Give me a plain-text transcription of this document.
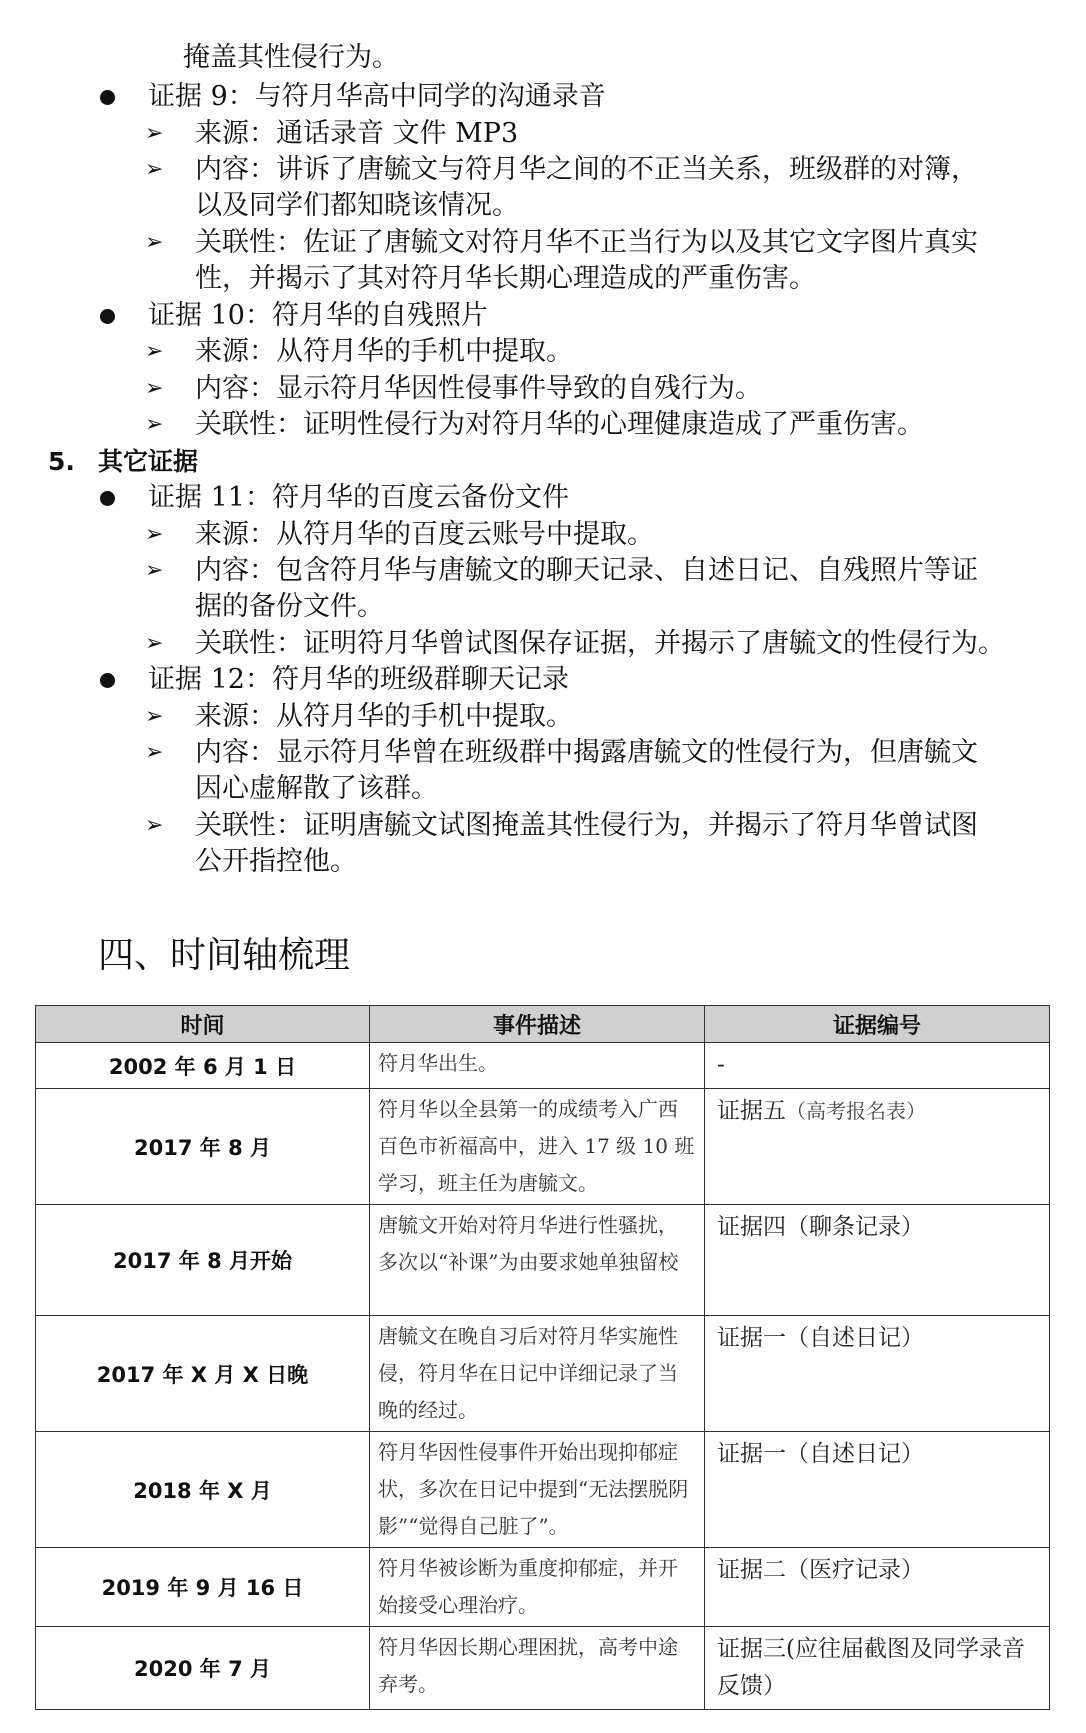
掩盖其性侵行为。
证据 9：与符月华高中同学的沟通录音
➢ 来源：通话录音 文件 MP3
➢ 内容：讲诉了唐毓文与符月华之间的不正当关系，班级群的对簿，
以及同学们都知晓该情况。
➢ 关联性：佐证了唐毓文对符月华不正当行为以及其它文字图片真实
性，并揭示了其对符月华长期心理造成的严重伤害。
证据 10：符月华的自残照片
➢ 来源：从符月华的手机中提取。
➢ 内容：显示符月华因性侵事件导致的自残行为。
➢ 关联性：证明性侵行为对符月华的心理健康造成了严重伤害。
5. 其它证据
证据 11：符月华的百度云备份文件
➢ 来源：从符月华的百度云账号中提取。
➢ 内容：包含符月华与唐毓文的聊天记录、自述日记、自残照片等证
据的备份文件。
➢ 关联性：证明符月华曾试图保存证据，并揭示了唐毓文的性侵行为。
证据 12：符月华的班级群聊天记录
➢ 来源：从符月华的手机中提取。
➢ 内容：显示符月华曾在班级群中揭露唐毓文的性侵行为，但唐毓文
因心虚解散了该群。
➢ 关联性：证明唐毓文试图掩盖其性侵行为，并揭示了符月华曾试图
公开指控他。
四、时间轴梳理
时间	事件描述	证据编号
2002 年 6 月 1 日	符月华出生。	-
2017 年 8 月	符月华以全县第一的成绩考入广西百色市祈福高中，进入 17 级 10 班学习，班主任为唐毓文。	证据五（高考报名表）
2017 年 8 月开始	唐毓文开始对符月华进行性骚扰，多次以“补课”为由要求她单独留校	证据四（聊条记录）
2017 年 X 月 X 日晚	唐毓文在晚自习后对符月华实施性侵，符月华在日记中详细记录了当晚的经过。	证据一（自述日记）
2018 年 X 月	符月华因性侵事件开始出现抑郁症状，多次在日记中提到“无法摆脱阴影”“觉得自己脏了”。	证据一（自述日记）
2019 年 9 月 16 日	符月华被诊断为重度抑郁症，并开始接受心理治疗。	证据二（医疗记录）
2020 年 7 月	符月华因长期心理困扰，高考中途弃考。	证据三(应往届截图及同学录音反馈）
